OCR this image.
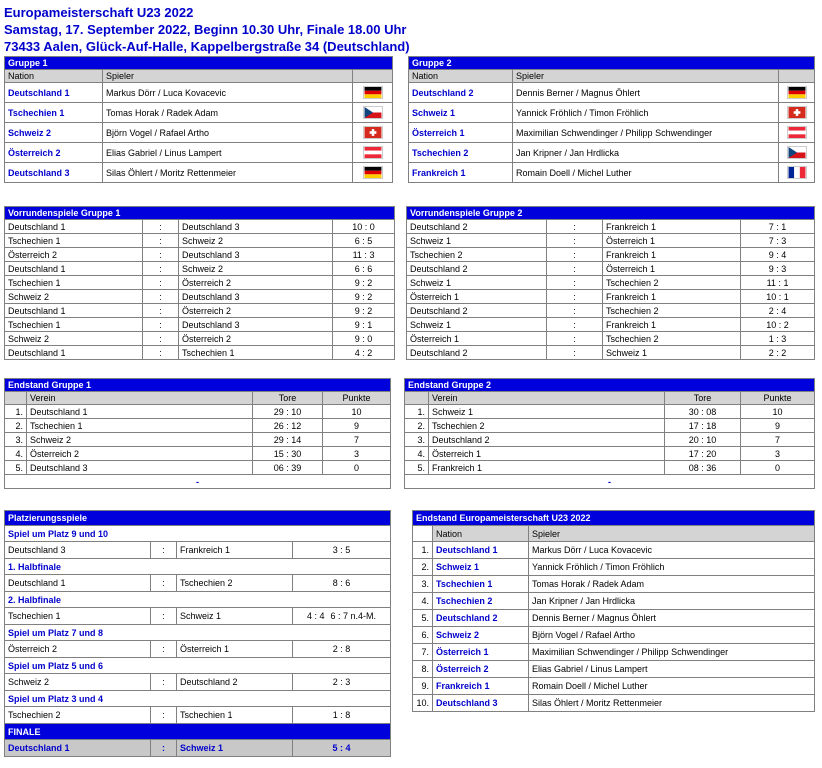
Europameisterschaft U23 2022
Samstag, 17. September 2022, Beginn 10.30 Uhr, Finale 18.00 Uhr
73433 Aalen, Glück-Auf-Halle, Kappelbergstraße 34 (Deutschland)
Gruppe 1		
Nation	Spieler	
Deutschland 1	Markus Dörr / Luca Kovacevic	

Tschechien 1	Tomas Horak / Radek Adam	

Schweiz 2	Björn Vogel / Rafael Artho	

Österreich 2	Elias Gabriel / Linus Lampert	

Deutschland 3	Silas Öhlert / Moritz Rettenmeier	
Gruppe 2		
Nation	Spieler	
Deutschland 2	Dennis Berner / Magnus Öhlert	

Schweiz 1	Yannick Fröhlich / Timon Fröhlich	

Österreich 1	Maximilian Schwendinger / Philipp Schwendinger	

Tschechien 2	Jan Kripner / Jan Hrdlicka	

Frankreich 1	Romain Doell / Michel Luther	
Vorrundenspiele Gruppe 1			
Deutschland 1	:	Deutschland 3	10 : 0
Tschechien 1	:	Schweiz 2	6 : 5
Österreich 2	:	Deutschland 3	11 : 3
Deutschland 1	:	Schweiz 2	6 : 6
Tschechien 1	:	Österreich 2	9 : 2
Schweiz 2	:	Deutschland 3	9 : 2
Deutschland 1	:	Österreich 2	9 : 2
Tschechien 1	:	Deutschland 3	9 : 1
Schweiz 2	:	Österreich 2	9 : 0
Deutschland 1	:	Tschechien 1	4 : 2
Vorrundenspiele Gruppe 2			
Deutschland 2	:	Frankreich 1	7 : 1
Schweiz 1	:	Österreich 1	7 : 3
Tschechien 2	:	Frankreich 1	9 : 4
Deutschland 2	:	Österreich 1	9 : 3
Schweiz 1	:	Tschechien 2	11 : 1
Österreich 1	:	Frankreich 1	10 : 1
Deutschland 2	:	Tschechien 2	2 : 4
Schweiz 1	:	Frankreich 1	10 : 2
Österreich 1	:	Tschechien 2	1 : 3
Deutschland 2	:	Schweiz 1	2 : 2
Endstand Gruppe 1			
	Verein	Tore	Punkte
1.	Deutschland 1	29 : 10	10
2.	Tschechien 1	26 : 12	9
3.	Schweiz 2	29 : 14	7
4.	Österreich 2	15 : 30	3
5.	Deutschland 3	06 : 39	0
-			
Endstand Gruppe 2			
	Verein	Tore	Punkte
1.	Schweiz 1	30 : 08	10
2.	Tschechien 2	17 : 18	9
3.	Deutschland 2	20 : 10	7
4.	Österreich 1	17 : 20	3
5.	Frankreich 1	08 : 36	0
-			
Platzierungsspiele			
Spiel um Platz 9 und 10			
Deutschland 3	:	Frankreich 1	3 : 5
1. Halbfinale			
Deutschland 1	:	Tschechien 2	8 : 6
2. Halbfinale			
Tschechien 1	:	Schweiz 1	4 : 4 6 : 7 n.4-M.
Spiel um Platz 7 und 8			
Österreich 2	:	Österreich 1	2 : 8
Spiel um Platz 5 und 6			
Schweiz 2	:	Deutschland 2	2 : 3
Spiel um Platz 3 und 4			
Tschechien 2	:	Tschechien 1	1 : 8
FINALE			
Deutschland 1	:	Schweiz 1	5 : 4
Endstand Europameisterschaft U23 2022		
	Nation	Spieler
1.	Deutschland 1	Markus Dörr / Luca Kovacevic
2.	Schweiz 1	Yannick Fröhlich / Timon Fröhlich
3.	Tschechien 1	Tomas Horak / Radek Adam
4.	Tschechien 2	Jan Kripner / Jan Hrdlicka
5.	Deutschland 2	Dennis Berner / Magnus Öhlert
6.	Schweiz 2	Björn Vogel / Rafael Artho
7.	Österreich 1	Maximilian Schwendinger / Philipp Schwendinger
8.	Österreich 2	Elias Gabriel / Linus Lampert
9.	Frankreich 1	Romain Doell / Michel Luther
10.	Deutschland 3	Silas Öhlert / Moritz Rettenmeier
